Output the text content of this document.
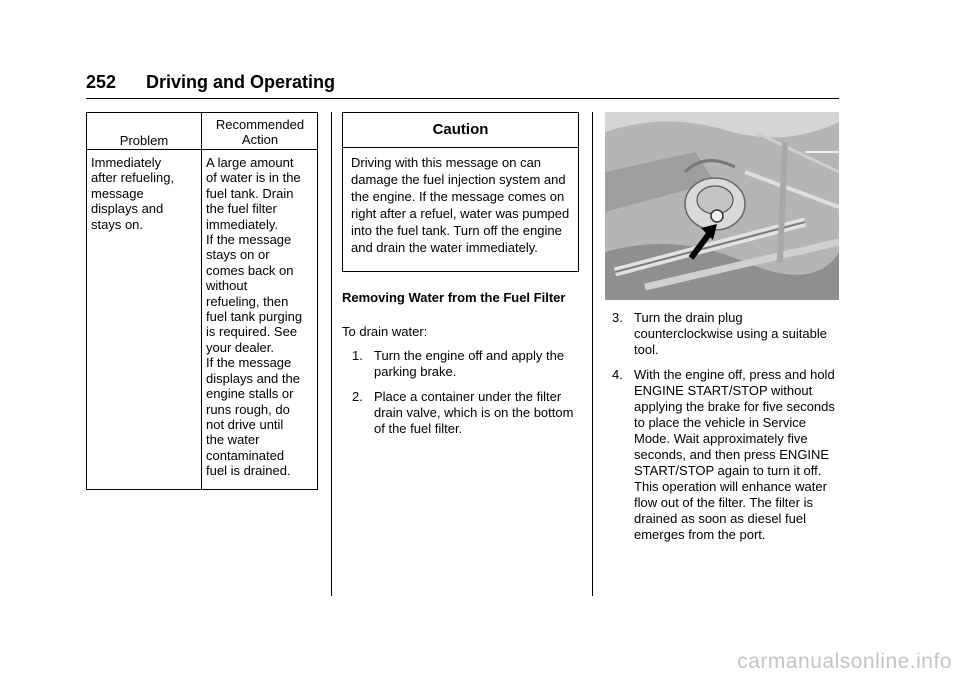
252 Driving and Operating
Problem
Recommended Action
Immediately
after refueling,
message
displays and
stays on.
A large amount
of water is in the
fuel tank. Drain
the fuel filter
immediately.
If the message
stays on or
comes back on
without
refueling, then
fuel tank purging
is required. See
your dealer.
If the message
displays and the
engine stalls or
runs rough, do
not drive until
the water
contaminated
fuel is drained.
Caution
Driving with this message on can damage the fuel injection system and the engine. If the message comes on right after a refuel, water was pumped into the fuel tank. Turn off the engine and drain the water immediately.
Removing Water from the Fuel Filter
To drain water:
1. Turn the engine off and apply the parking brake.
2. Place a container under the filter drain valve, which is on the bottom of the fuel filter.
3. Turn the drain plug counterclockwise using a suitable tool.
4. With the engine off, press and hold ENGINE START/STOP without applying the brake for five seconds to place the vehicle in Service Mode. Wait approximately five seconds, and then press ENGINE START/STOP again to turn it off. This operation will enhance water flow out of the filter. The filter is drained as soon as diesel fuel emerges from the port.
carmanualsonline.info
